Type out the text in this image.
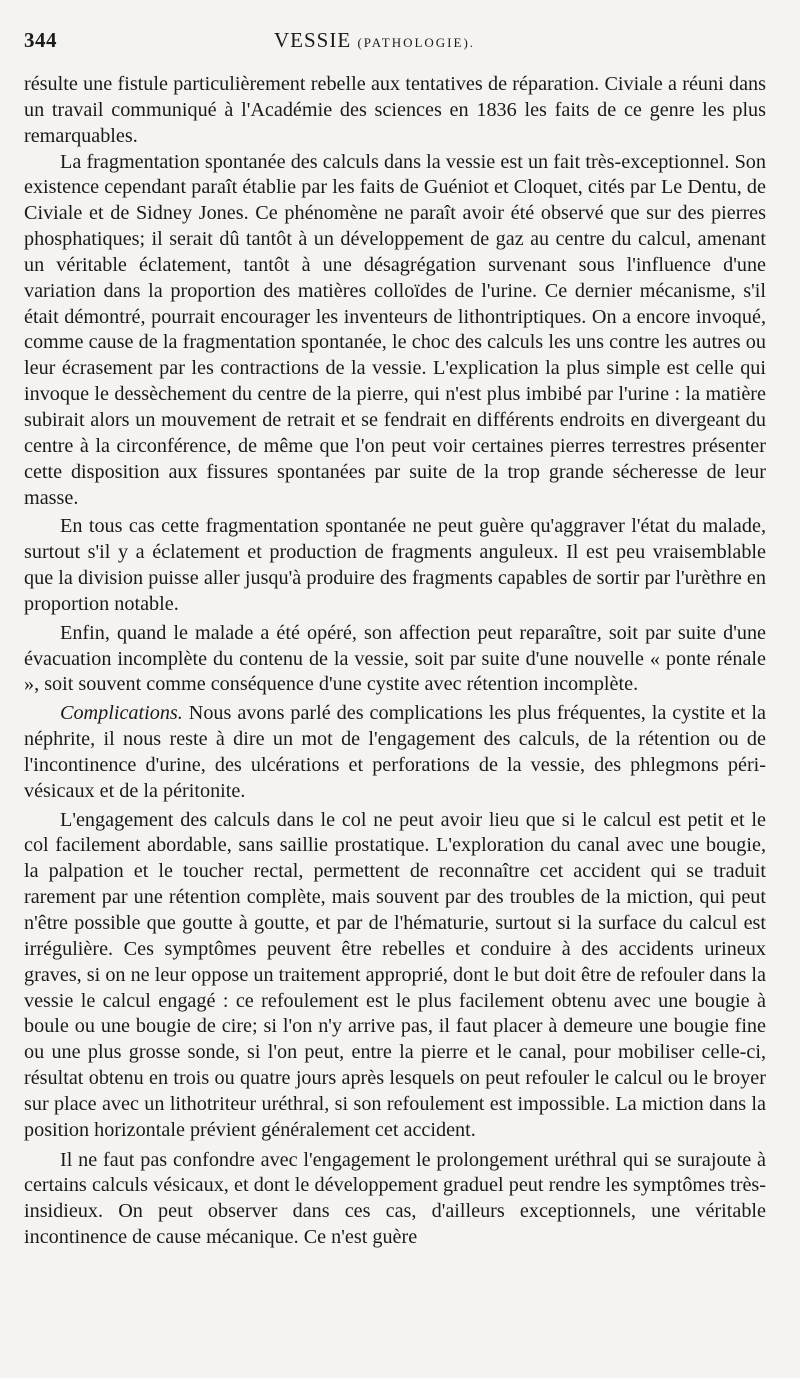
344	VESSIE (PATHOLOGIE).

résulte une fistule particulièrement rebelle aux tentatives de réparation. Civiale a réuni dans un travail communiqué à l'Académie des sciences en 1836 les faits de ce genre les plus remarquables.

La fragmentation spontanée des calculs dans la vessie est un fait très-exceptionnel. Son existence cependant paraît établie par les faits de Guéniot et Cloquet, cités par Le Dentu, de Civiale et de Sidney Jones. Ce phénomène ne paraît avoir été observé que sur des pierres phosphatiques; il serait dû tantôt à un développement de gaz au centre du calcul, amenant un véritable éclatement, tantôt à une désagrégation survenant sous l'influence d'une variation dans la proportion des matières colloïdes de l'urine. Ce dernier mécanisme, s'il était démontré, pourrait encourager les inventeurs de lithontriptiques. On a encore invoqué, comme cause de la fragmentation spontanée, le choc des calculs les uns contre les autres ou leur écrasement par les contractions de la vessie. L'explication la plus simple est celle qui invoque le dessèchement du centre de la pierre, qui n'est plus imbibé par l'urine : la matière subirait alors un mouvement de retrait et se fendrait en différents endroits en divergeant du centre à la circonférence, de même que l'on peut voir certaines pierres terrestres présenter cette disposition aux fissures spontanées par suite de la trop grande sécheresse de leur masse.

En tous cas cette fragmentation spontanée ne peut guère qu'aggraver l'état du malade, surtout s'il y a éclatement et production de fragments anguleux. Il est peu vraisemblable que la division puisse aller jusqu'à produire des fragments capables de sortir par l'urèthre en proportion notable.

Enfin, quand le malade a été opéré, son affection peut reparaître, soit par suite d'une évacuation incomplète du contenu de la vessie, soit par suite d'une nouvelle « ponte rénale », soit souvent comme conséquence d'une cystite avec rétention incomplète.

Complications. Nous avons parlé des complications les plus fréquentes, la cystite et la néphrite, il nous reste à dire un mot de l'engagement des calculs, de la rétention ou de l'incontinence d'urine, des ulcérations et perforations de la vessie, des phlegmons péri-vésicaux et de la péritonite.

L'engagement des calculs dans le col ne peut avoir lieu que si le calcul est petit et le col facilement abordable, sans saillie prostatique. L'exploration du canal avec une bougie, la palpation et le toucher rectal, permettent de reconnaître cet accident qui se traduit rarement par une rétention complète, mais souvent par des troubles de la miction, qui peut n'être possible que goutte à goutte, et par de l'hématurie, surtout si la surface du calcul est irrégulière. Ces symptômes peuvent être rebelles et conduire à des accidents urineux graves, si on ne leur oppose un traitement approprié, dont le but doit être de refouler dans la vessie le calcul engagé : ce refoulement est le plus facilement obtenu avec une bougie à boule ou une bougie de cire; si l'on n'y arrive pas, il faut placer à demeure une bougie fine ou une plus grosse sonde, si l'on peut, entre la pierre et le canal, pour mobiliser celle-ci, résultat obtenu en trois ou quatre jours après lesquels on peut refouler le calcul ou le broyer sur place avec un lithotriteur uréthral, si son refoulement est impossible. La miction dans la position horizontale prévient généralement cet accident.

Il ne faut pas confondre avec l'engagement le prolongement uréthral qui se surajoute à certains calculs vésicaux, et dont le développement graduel peut rendre les symptômes très-insidieux. On peut observer dans ces cas, d'ailleurs exceptionnels, une véritable incontinence de cause mécanique. Ce n'est guère
